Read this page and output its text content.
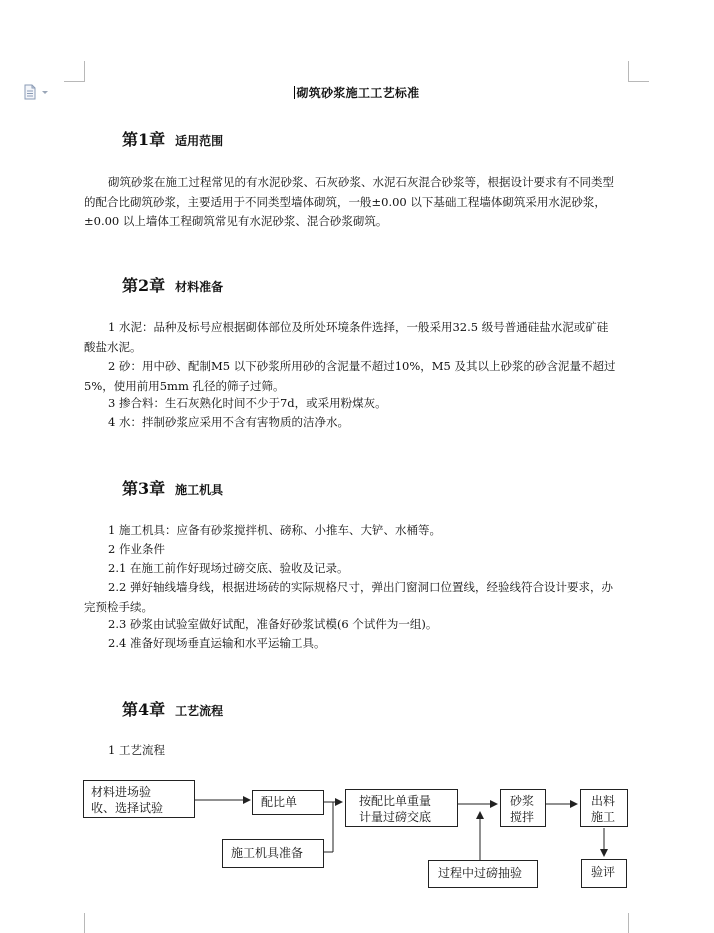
砌筑砂浆施工工艺标准
第1章 适用范围
砌筑砂浆在施工过程常见的有水泥砂浆、石灰砂浆、水泥石灰混合砂浆等，根据设计要求有不同类型的配合比砌筑砂浆，主要适用于不同类型墙体砌筑，一般±0.00 以下基础工程墙体砌筑采用水泥砂浆，±0.00 以上墙体工程砌筑常见有水泥砂浆、混合砂浆砌筑。
第2章 材料准备
1 水泥：品种及标号应根据砌体部位及所处环境条件选择，一般采用32.5 级号普通硅盐水泥或矿硅酸盐水泥。
2 砂：用中砂、配制M5 以下砂浆所用砂的含泥量不超过10%，M5 及其以上砂浆的砂含泥量不超过5%，使用前用5mm 孔径的筛子过筛。
3 掺合料：生石灰熟化时间不少于7d，或采用粉煤灰。
4 水：拌制砂浆应采用不含有害物质的洁净水。
第3章 施工机具
1 施工机具：应备有砂浆搅拌机、磅称、小推车、大铲、水桶等。
2 作业条件
2.1 在施工前作好现场过磅交底、验收及记录。
2.2 弹好轴线墙身线，根据进场砖的实际规格尺寸，弹出门窗洞口位置线，经验线符合设计要求，办完预检手续。
2.3 砂浆由试验室做好试配，准备好砂浆试模(6 个试件为一组)。
2.4 准备好现场垂直运输和水平运输工具。
第4章 工艺流程
1 工艺流程
材料进场验
收、选择试验	配比单
施工机具准备
按配比单重量
计量过磅交底
砂浆
搅拌
出料
施工
过程中过磅抽验	验评
